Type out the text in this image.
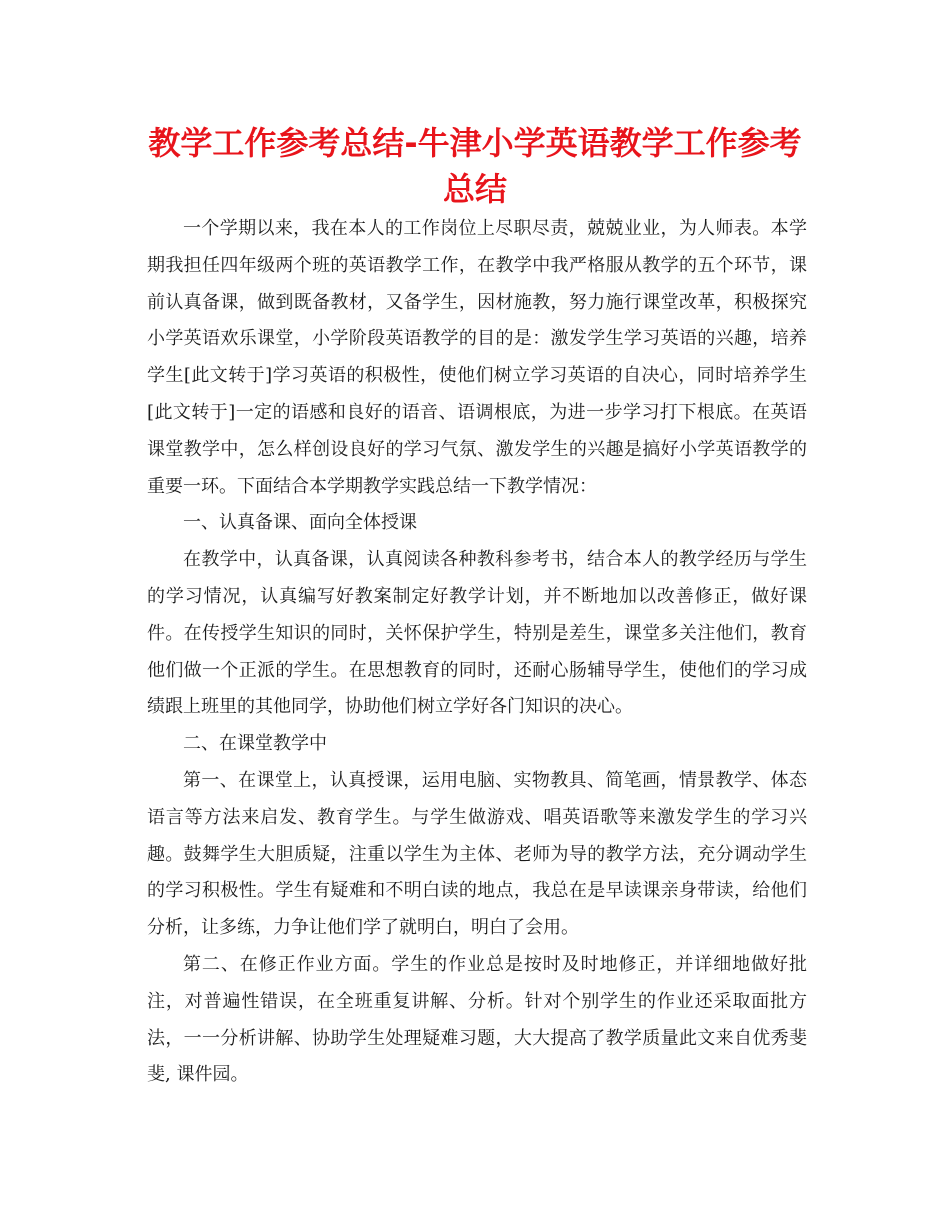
教学工作参考总结-牛津小学英语教学工作参考总结

一个学期以来，我在本人的工作岗位上尽职尽责，兢兢业业，为人师表。本学期我担任四年级两个班的英语教学工作，在教学中我严格服从教学的五个环节，课前认真备课，做到既备教材，又备学生，因材施教，努力施行课堂改革，积极探究小学英语欢乐课堂，小学阶段英语教学的目的是：激发学生学习英语的兴趣，培养学生[此文转于]学习英语的积极性，使他们树立学习英语的自决心，同时培养学生[此文转于]一定的语感和良好的语音、语调根底，为进一步学习打下根底。在英语课堂教学中，怎么样创设良好的学习气氛、激发学生的兴趣是搞好小学英语教学的重要一环。下面结合本学期教学实践总结一下教学情况：

一、认真备课、面向全体授课

在教学中，认真备课，认真阅读各种教科参考书，结合本人的教学经历与学生的学习情况，认真编写好教案制定好教学计划，并不断地加以改善修正，做好课件。在传授学生知识的同时，关怀保护学生，特别是差生，课堂多关注他们，教育他们做一个正派的学生。在思想教育的同时，还耐心肠辅导学生，使他们的学习成绩跟上班里的其他同学，协助他们树立学好各门知识的决心。

二、在课堂教学中

第一、在课堂上，认真授课，运用电脑、实物教具、简笔画，情景教学、体态语言等方法来启发、教育学生。与学生做游戏、唱英语歌等来激发学生的学习兴趣。鼓舞学生大胆质疑，注重以学生为主体、老师为导的教学方法，充分调动学生的学习积极性。学生有疑难和不明白读的地点，我总在是早读课亲身带读，给他们分析，让多练，力争让他们学了就明白，明白了会用。

第二、在修正作业方面。学生的作业总是按时及时地修正，并详细地做好批注，对普遍性错误，在全班重复讲解、分析。针对个别学生的作业还采取面批方法，一一分析讲解、协助学生处理疑难习题，大大提高了教学质量此文来自优秀斐斐, 课件园。
